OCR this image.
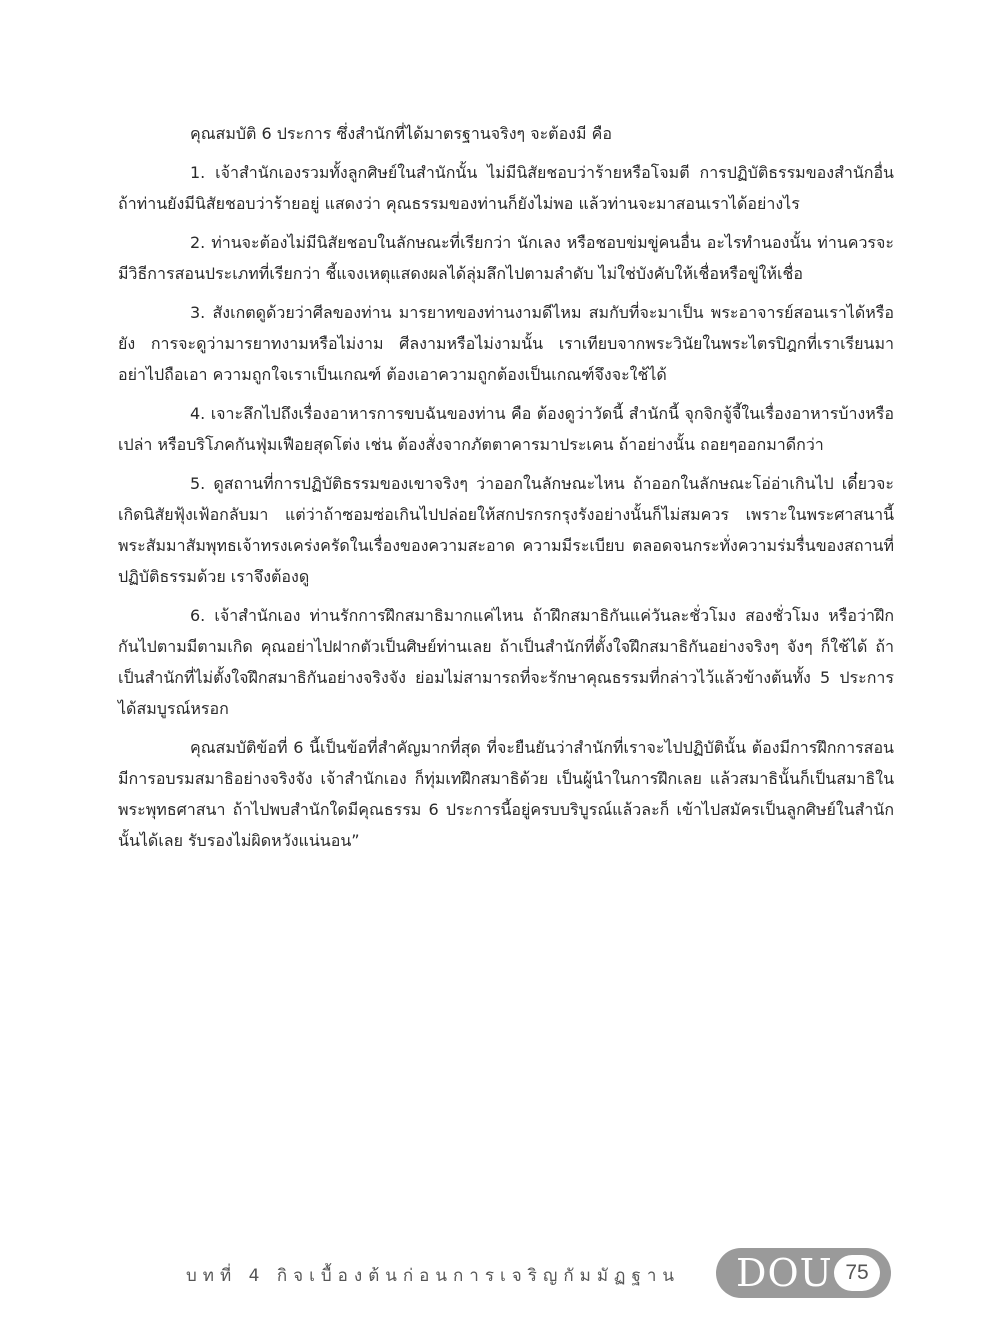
คุณสมบัติ 6 ประการ ซึ่งสำนักที่ได้มาตรฐานจริงๆ จะต้องมี คือ

1. เจ้าสำนักเองรวมทั้งลูกศิษย์ในสำนักนั้น ไม่มีนิสัยชอบว่าร้ายหรือโจมตี การปฏิบัติธรรมของสำนักอื่น ถ้าท่านยังมีนิสัยชอบว่าร้ายอยู่ แสดงว่า คุณธรรมของท่านก็ยังไม่พอ แล้วท่านจะมาสอนเราได้อย่างไร

2. ท่านจะต้องไม่มีนิสัยชอบในลักษณะที่เรียกว่า นักเลง หรือชอบข่มขู่คนอื่น อะไรทำนองนั้น ท่านควรจะมีวิธีการสอนประเภทที่เรียกว่า ชี้แจงเหตุแสดงผลได้ลุ่มลึกไปตามลำดับ ไม่ใช่บังคับให้เชื่อหรือขู่ให้เชื่อ

3. สังเกตดูด้วยว่าศีลของท่าน มารยาทของท่านงามดีไหม สมกับที่จะมาเป็น พระอาจารย์สอนเราได้หรือยัง การจะดูว่ามารยาทงามหรือไม่งาม ศีลงามหรือไม่งามนั้น เราเทียบจากพระวินัยในพระไตรปิฎกที่เราเรียนมา อย่าไปถือเอา ความถูกใจเราเป็นเกณฑ์ ต้องเอาความถูกต้องเป็นเกณฑ์จึงจะใช้ได้

4. เจาะลึกไปถึงเรื่องอาหารการขบฉันของท่าน คือ ต้องดูว่าวัดนี้ สำนักนี้ จุกจิกจู้จี้ในเรื่องอาหารบ้างหรือเปล่า หรือบริโภคกันฟุ่มเฟือยสุดโต่ง เช่น ต้องสั่งจากภัตตาคารมาประเคน ถ้าอย่างนั้น ถอยๆออกมาดีกว่า

5. ดูสถานที่การปฏิบัติธรรมของเขาจริงๆ ว่าออกในลักษณะไหน ถ้าออกในลักษณะโอ่อ่าเกินไป เดี๋ยวจะเกิดนิสัยฟุ้งเฟ้อกลับมา แต่ว่าถ้าซอมซ่อเกินไปปล่อยให้สกปรกรกรุงรังอย่างนั้นก็ไม่สมควร เพราะในพระศาสนานี้ พระสัมมาสัมพุทธเจ้าทรงเคร่งครัดในเรื่องของความสะอาด ความมีระเบียบ ตลอดจนกระทั่งความร่มรื่นของสถานที่ปฏิบัติธรรมด้วย เราจึงต้องดู

6. เจ้าสำนักเอง ท่านรักการฝึกสมาธิมากแค่ไหน ถ้าฝึกสมาธิกันแค่วันละชั่วโมง สองชั่วโมง หรือว่าฝึกกันไปตามมีตามเกิด คุณอย่าไปฝากตัวเป็นศิษย์ท่านเลย ถ้าเป็นสำนักที่ตั้งใจฝึกสมาธิกันอย่างจริงๆ จังๆ ก็ใช้ได้ ถ้าเป็นสำนักที่ไม่ตั้งใจฝึกสมาธิกันอย่างจริงจัง ย่อมไม่สามารถที่จะรักษาคุณธรรมที่กล่าวไว้แล้วข้างต้นทั้ง 5 ประการได้สมบูรณ์หรอก

คุณสมบัติข้อที่ 6 นี้เป็นข้อที่สำคัญมากที่สุด ที่จะยืนยันว่าสำนักที่เราจะไปปฏิบัตินั้น ต้องมีการฝึกการสอน มีการอบรมสมาธิอย่างจริงจัง เจ้าสำนักเอง ก็ทุ่มเทฝึกสมาธิด้วย เป็นผู้นำในการฝึกเลย แล้วสมาธินั้นก็เป็นสมาธิในพระพุทธศาสนา ถ้าไปพบสำนักใดมีคุณธรรม 6 ประการนี้อยู่ครบบริบูรณ์แล้วละก็ เข้าไปสมัครเป็นลูกศิษย์ในสำนักนั้นได้เลย รับรองไม่ผิดหวังแน่นอน”

บทที่ 4 กิจเบื้องต้นก่อนการเจริญกัมมัฏฐาน DOU 75
